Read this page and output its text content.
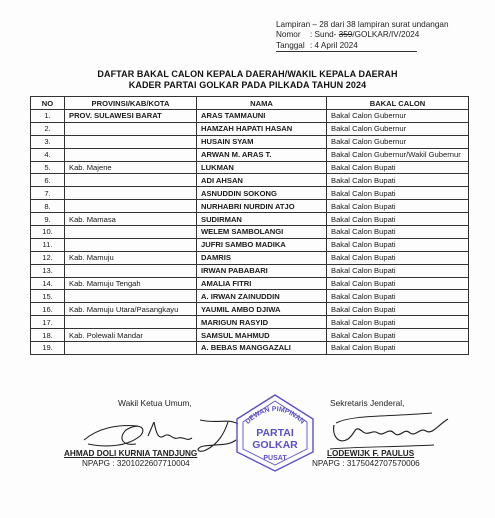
Lampiran – 28 dari 38 lampiran surat undangan
Nomor : Sund- 359/GOLKAR/IV/2024
Tanggal : 4 April 2024
DAFTAR BAKAL CALON KEPALA DAERAH/WAKIL KEPALA DAERAH
KADER PARTAI GOLKAR PADA PILKADA TAHUN 2024
NO	PROVINSI/KAB/KOTA	NAMA	BAKAL CALON
1.	PROV. SULAWESI BARAT	ARAS TAMMAUNI	Bakal Calon Gubernur
2.		HAMZAH HAPATI HASAN	Bakal Calon Gubernur
3.		HUSAIN SYAM	Bakal Calon Gubernur
4.		ARWAN M. ARAS T.	Bakal Calon Gubernur/Wakil Gubernur
5.	Kab. Majene	LUKMAN	Bakal Calon Bupati
6.		ADI AHSAN	Bakal Calon Bupati
7.		ASNUDDIN SOKONG	Bakal Calon Bupati
8.		NURHABRI NURDIN ATJO	Bakal Calon Bupati
9.	Kab. Mamasa	SUDIRMAN	Bakal Calon Bupati
10.		WELEM SAMBOLANGI	Bakal Calon Bupati
11.		JUFRI SAMBO MADIKA	Bakal Calon Bupati
12.	Kab. Mamuju	DAMRIS	Bakal Calon Bupati
13.		IRWAN PABABARI	Bakal Calon Bupati
14.	Kab. Mamuju Tengah	AMALIA FITRI	Bakal Calon Bupati
15.		A. IRWAN ZAINUDDIN	Bakal Calon Bupati
16.	Kab. Mamuju Utara/Pasangkayu	YAUMIL AMBO DJIWA	Bakal Calon Bupati
17.		MARIGUN RASYID	Bakal Calon Bupati
18.	Kab. Polewali Mandar	SAMSUL MAHMUD	Bakal Calon Bupati
19.		A. BEBAS MANGGAZALI	Bakal Calon Bupati
Wakil Ketua Umum,	Sekretaris Jenderal,
DEWAN PIMPINAN
PARTAI
GOLKAR
PUSAT
AHMAD DOLI KURNIA TANDJUNG
NPAPG : 3201022607710004
LODEWIJK F. PAULUS
NPAPG : 3175042707570006
